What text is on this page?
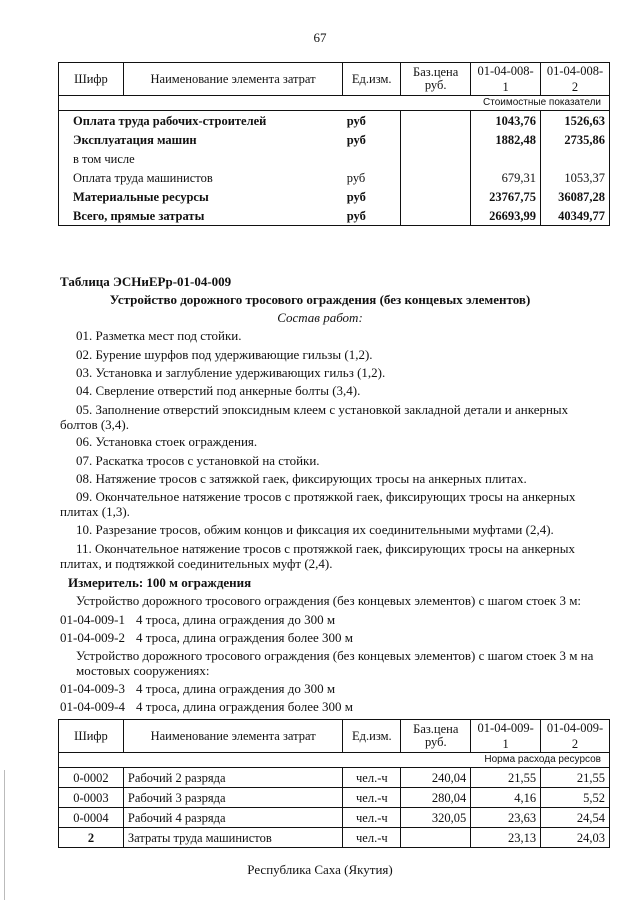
67
Шифр	Наименование элемента затрат	Ед.изм.	Баз.цена руб.	01-04-008-1	01-04-008-2
Стоимостные показатели					
Оплата труда рабочих-строителей		руб		1043,76	1526,63
Эксплуатация машин		руб		1882,48	2735,86
в том числе					
Оплата труда машинистов		руб		679,31	1053,37
Материальные ресурсы		руб		23767,75	36087,28
Всего, прямые затраты		руб		26693,99	40349,77
Таблица ЭСНиЕРр-01-04-009
Устройство дорожного тросового ограждения (без концевых элементов)
Состав работ:
01. Разметка мест под стойки.
02. Бурение шурфов под удерживающие гильзы (1,2).
03. Установка и заглубление удерживающих гильз (1,2).
04. Сверление отверстий под анкерные болты (3,4).
05. Заполнение отверстий эпоксидным клеем с установкой закладной детали и анкерных
болтов (3,4).
06. Установка стоек ограждения.
07. Раскатка тросов с установкой на стойки.
08. Натяжение тросов с затяжкой гаек, фиксирующих тросы на анкерных плитах.
09. Окончательное натяжение тросов с протяжкой гаек, фиксирующих тросы на анкерных
плитах (1,3).
10. Разрезание тросов, обжим концов и фиксация их соединительными муфтами (2,4).
11. Окончательное натяжение тросов с протяжкой гаек, фиксирующих тросы на анкерных
плитах, и подтяжкой соединительных муфт (2,4).
Измеритель: 100 м ограждения
Устройство дорожного тросового ограждения (без концевых элементов) с шагом стоек 3 м:
01-04-009-1 4 троса, длина ограждения до 300 м
01-04-009-2 4 троса, длина ограждения более 300 м
Устройство дорожного тросового ограждения (без концевых элементов) с шагом стоек 3 м на
мостовых сооружениях:
01-04-009-3 4 троса, длина ограждения до 300 м
01-04-009-4 4 троса, длина ограждения более 300 м
Шифр	Наименование элемента затрат	Ед.изм.	Баз.цена руб.	01-04-009-1	01-04-009-2
Норма расхода ресурсов					
0-0002	Рабочий 2 разряда	чел.-ч	240,04	21,55	21,55
0-0003	Рабочий 3 разряда	чел.-ч	280,04	4,16	5,52
0-0004	Рабочий 4 разряда	чел.-ч	320,05	23,63	24,54
2	Затраты труда машинистов	чел.-ч		23,13	24,03
Республика Саха (Якутия)
